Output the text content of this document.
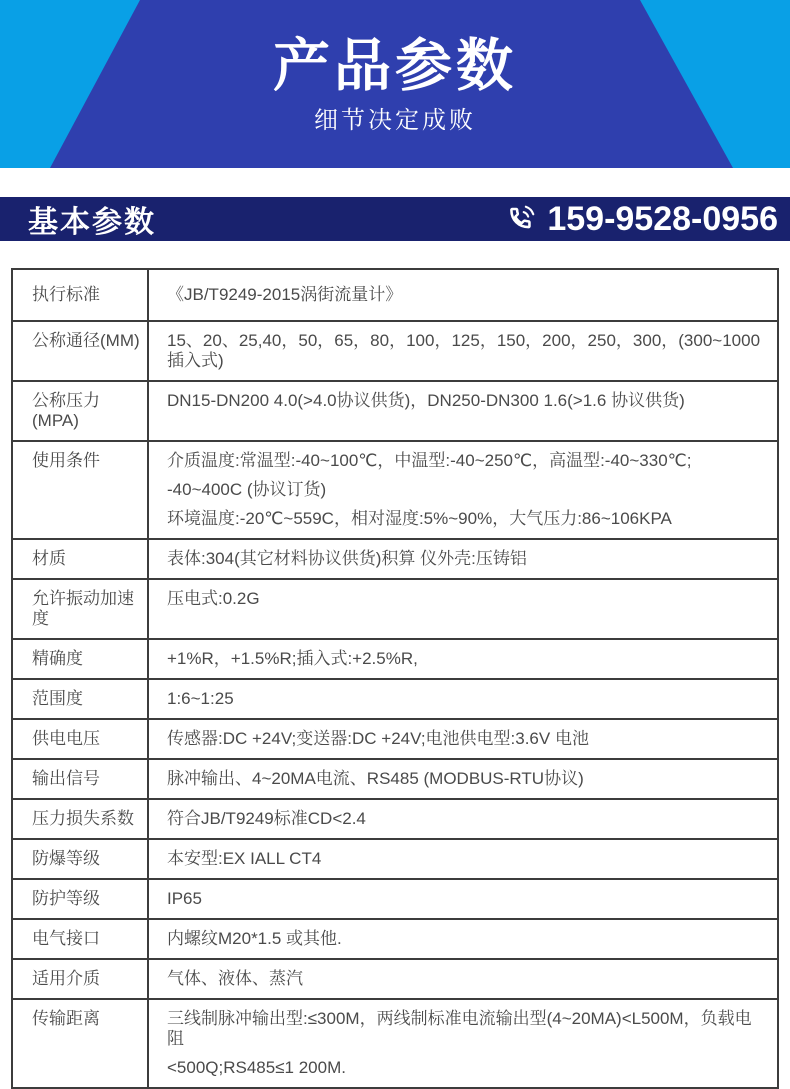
产品参数
细节决定成败
基本参数	159-9528-0956

执行标准	《JB/T9249-2015涡街流量计》

公称通径(MM)	15、20、25,40，50，65，80，100，125，150，200，250，300，(300~1000插入式)

公称压力(MPA)	DN15-DN200 4.0(>4.0协议供货)，DN250-DN300 1.6(>1.6 协议供货)

使用条件	介质温度:常温型:-40~100℃，中温型:-40~250℃，高温型:-40~330℃;

-40~400C (协议订货)

环境温度:-20℃~559C，相对湿度:5%~90%，大气压力:86~106KPA

材质	表体:304(其它材料协议供货)积算 仪外壳:压铸铝

允许振动加速度	压电式:0.2G

精确度	+1%R，+1.5%R;插入式:+2.5%R,

范围度	1:6~1:25

供电电压	传感器:DC +24V;变送器:DC +24V;电池供电型:3.6V 电池

输出信号	脉冲输出、4~20MA电流、RS485 (MODBUS-RTU协议)

压力损失系数	符合JB/T9249标准CD<2.4

防爆等级	本安型:EX IALL CT4

防护等级	IP65

电气接口	内螺纹M20*1.5 或其他.

适用介质	气体、液体、蒸汽

传输距离	三线制脉冲输出型:≤300M，两线制标准电流输出型(4~20MA)<L500M，负载电阻

<500Q;RS485≤1 200M.
